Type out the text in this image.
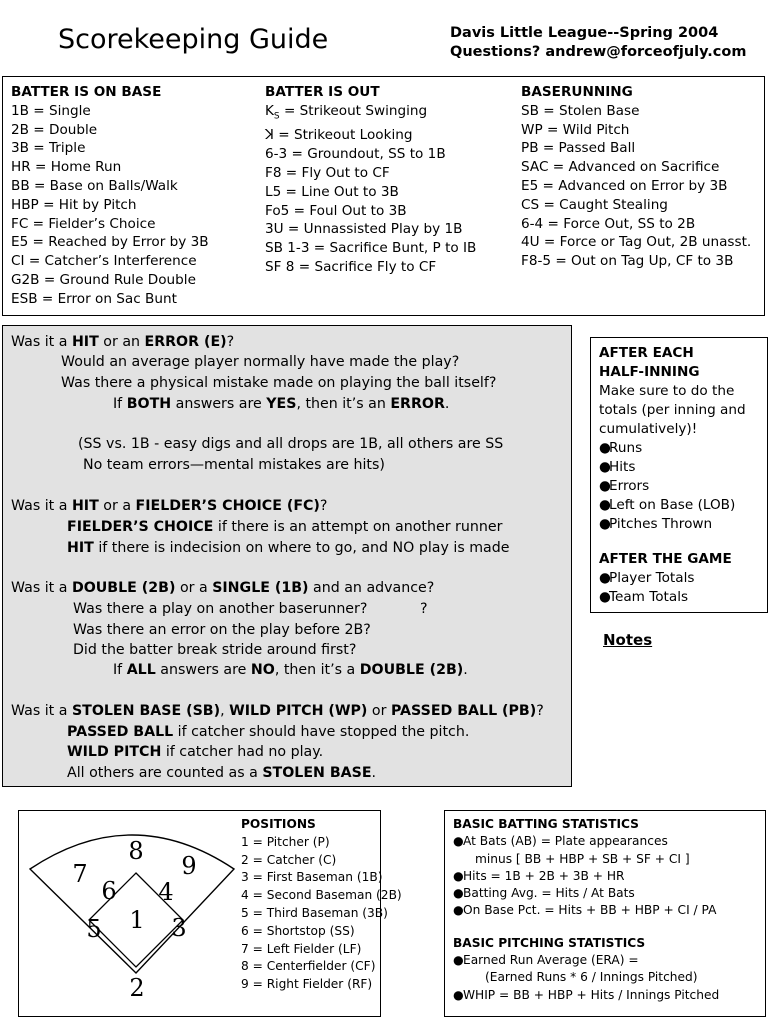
Scorekeeping Guide	Davis Little League--Spring 2004
Questions? andrew@forceofjuly.com
BATTER IS ON BASE
1B = Single
2B = Double
3B = Triple
HR = Home Run
BB = Base on Balls/Walk
HBP = Hit by Pitch
FC = Fielder’s Choice
E5 = Reached by Error by 3B
CI = Catcher’s Interference
G2B = Ground Rule Double
ESB = Error on Sac Bunt
BATTER IS OUT
$K_S$ = Strikeout Swinging
ꓘ = Strikeout Looking
6-3 = Groundout, SS to 1B
F8 = Fly Out to CF
L5 = Line Out to 3B
Fo5 = Foul Out to 3B
3U = Unnassisted Play by 1B
SB 1-3 = Sacrifice Bunt, P to IB
SF 8 = Sacrifice Fly to CF
BASERUNNING
SB = Stolen Base
WP = Wild Pitch
PB = Passed Ball
SAC = Advanced on Sacrifice
E5 = Advanced on Error by 3B
CS = Caught Stealing
6-4 = Force Out, SS to 2B
4U = Force or Tag Out, 2B unasst.
F8-5 = Out on Tag Up, CF to 3B
Was it a HIT or an ERROR (E)?
Would an average player normally have made the play?
Was there a physical mistake made on playing the ball itself?
If BOTH answers are YES, then it’s an ERROR.
(SS vs. 1B - easy digs and all drops are 1B, all others are SS
No team errors—mental mistakes are hits)
Was it a HIT or a FIELDER’S CHOICE (FC)?
FIELDER’S CHOICE if there is an attempt on another runner
HIT if there is indecision on where to go, and NO play is made
Was it a DOUBLE (2B) or a SINGLE (1B) and an advance?
Was there a play on another baserunner?	?
Was there an error on the play before 2B?
Did the batter break stride around first?
If ALL answers are NO, then it’s a DOUBLE (2B).
Was it a STOLEN BASE (SB), WILD PITCH (WP) or PASSED BALL (PB)?
PASSED BALL if catcher should have stopped the pitch.
WILD PITCH if catcher had no play.
All others are counted as a STOLEN BASE.
AFTER EACH
HALF-INNING
Make sure to do the
totals (per inning and
cumulatively)!
●Runs
●Hits
●Errors
●Left on Base (LOB)
●Pitches Thrown
AFTER THE GAME
●Player Totals
●Team Totals
Notes
8
7	9
6 4
5 1 3
2
POSITIONS
1 = Pitcher (P)
2 = Catcher (C)
3 = First Baseman (1B)
4 = Second Baseman (2B)
5 = Third Baseman (3B)
6 = Shortstop (SS)
7 = Left Fielder (LF)
8 = Centerfielder (CF)
9 = Right Fielder (RF)
BASIC BATTING STATISTICS
●At Bats (AB) = Plate appearances
minus [ BB + HBP + SB + SF + CI ]
●Hits = 1B + 2B + 3B + HR
●Batting Avg. = Hits / At Bats
●On Base Pct. = Hits + BB + HBP + CI / PA
BASIC PITCHING STATISTICS
●Earned Run Average (ERA) =
(Earned Runs * 6 / Innings Pitched)
●WHIP = BB + HBP + Hits / Innings Pitched
